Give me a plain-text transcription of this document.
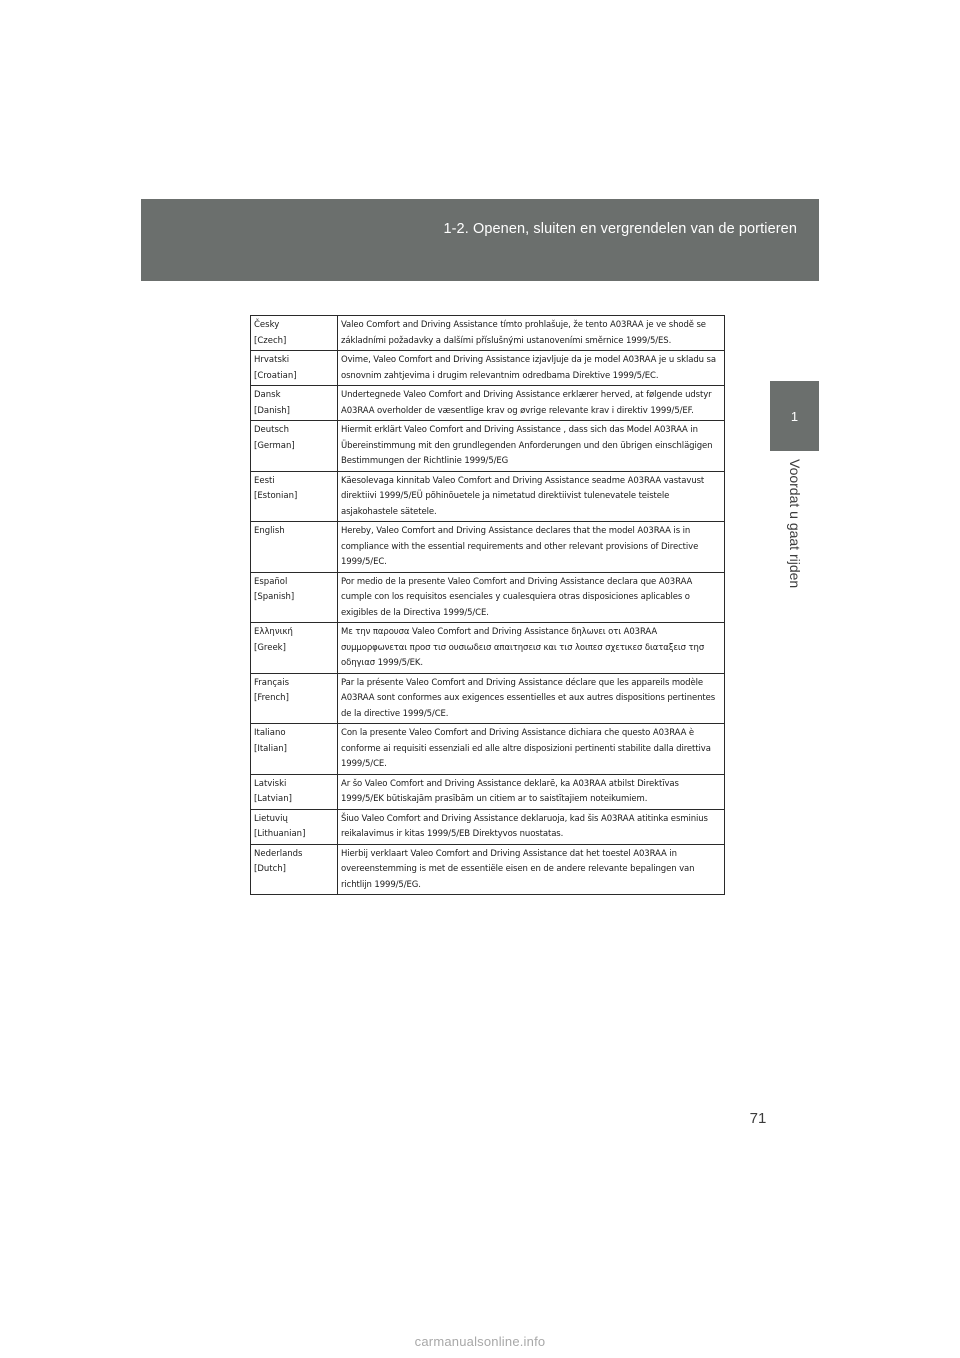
1-2. Openen, sluiten en vergrendelen van de portieren
1
Voordat u gaat rijden
Česky
[Czech]	Valeo Comfort and Driving Assistance tímto prohlašuje, že tento A03RAA je ve shodě se základními požadavky a dalšími příslušnými ustanoveními směrnice 1999/5/ES.

Hrvatski
[Croatian]	Ovime, Valeo Comfort and Driving Assistance izjavljuje da je model A03RAA je u skladu sa osnovnim zahtjevima i drugim relevantnim odredbama Direktive 1999/5/EC.

Dansk
[Danish]	Undertegnede Valeo Comfort and Driving Assistance erklærer herved, at følgende udstyr A03RAA overholder de væsentlige krav og øvrige relevante krav i direktiv 1999/5/EF.

Deutsch
[German]	Hiermit erklärt Valeo Comfort and Driving Assistance , dass sich das Model A03RAA in Übereinstimmung mit den grundlegenden Anforderungen und den übrigen einschlägigen Bestimmungen der Richtlinie 1999/5/EG

Eesti
[Estonian]	Käesolevaga kinnitab Valeo Comfort and Driving Assistance seadme A03RAA vastavust direktiivi 1999/5/EÜ põhinõuetele ja nimetatud direktiivist tulenevatele teistele asjakohastele sätetele.

English	Hereby, Valeo Comfort and Driving Assistance declares that the model A03RAA is in compliance with the essential requirements and other relevant provisions of Directive 1999/5/EC.

Español
[Spanish]	Por medio de la presente Valeo Comfort and Driving Assistance declara que A03RAA cumple con los requisitos esenciales y cualesquiera otras disposiciones aplicables o exigibles de la Directiva 1999/5/CE.

Ελληνική
[Greek]	Με την παρουσα Valeo Comfort and Driving Assistance δηλωνει οτι A03RAA συμμορφωνεται προσ τισ ουσιωδεισ απαιτησεισ και τισ λοιπεσ σχετικεσ διαταξεισ τησ οδηγιασ 1999/5/ΕΚ.

Français
[French]	Par la présente Valeo Comfort and Driving Assistance déclare que les appareils modèle A03RAA sont conformes aux exigences essentielles et aux autres dispositions pertinentes de la directive 1999/5/CE.

Italiano
[Italian]	Con la presente Valeo Comfort and Driving Assistance dichiara che questo A03RAA è conforme ai requisiti essenziali ed alle altre disposizioni pertinenti stabilite dalla direttiva 1999/5/CE.

Latviski
[Latvian]	Ar šo Valeo Comfort and Driving Assistance deklarē, ka A03RAA atbilst Direktīvas 1999/5/EK būtiskajām prasībām un citiem ar to saistītajiem noteikumiem.

Lietuvių
[Lithuanian]	Šiuo Valeo Comfort and Driving Assistance deklaruoja, kad šis A03RAA atitinka esminius reikalavimus ir kitas 1999/5/EB Direktyvos nuostatas.

Nederlands
[Dutch]	Hierbij verklaart Valeo Comfort and Driving Assistance dat het toestel A03RAA in overeenstemming is met de essentiële eisen en de andere relevante bepalingen van richtlijn 1999/5/EG.
71
carmanualsonline.info
